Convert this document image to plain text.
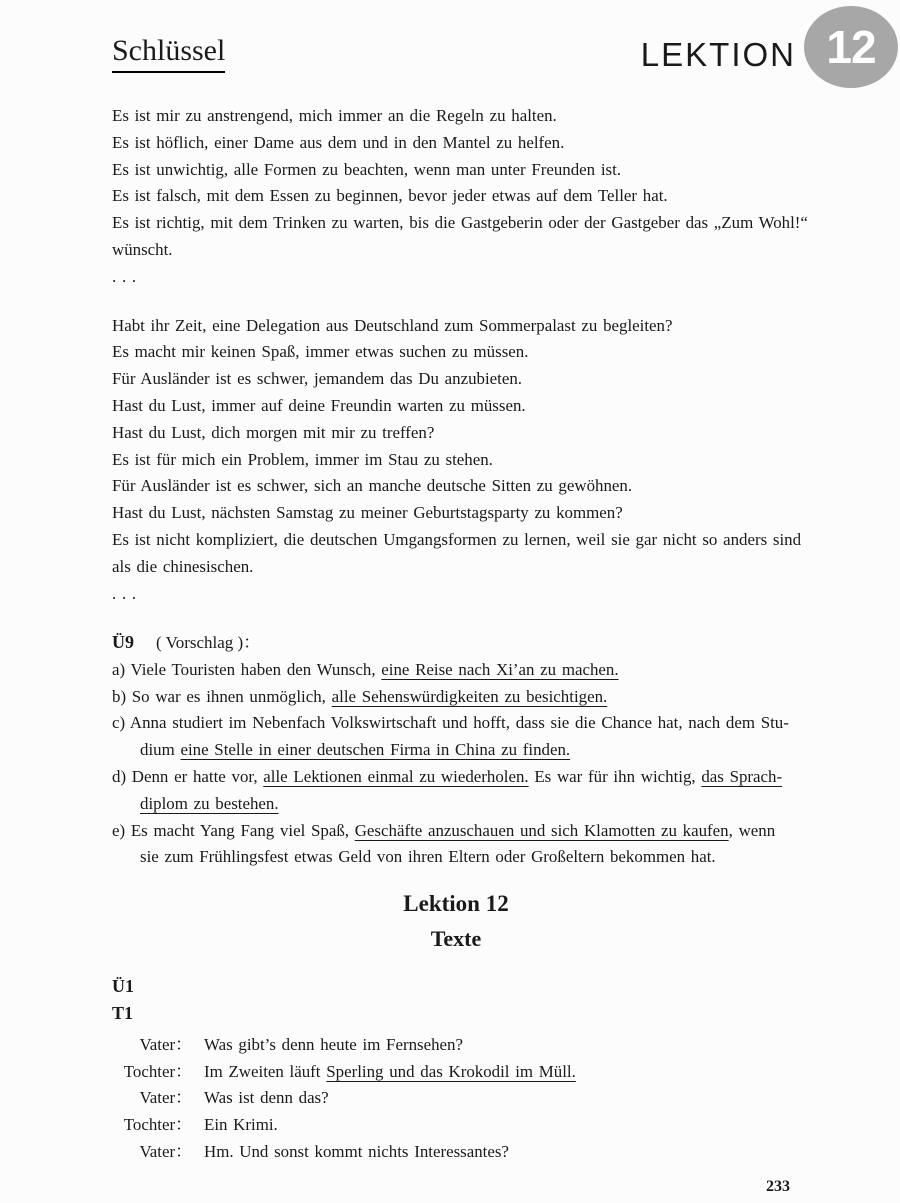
Schlüssel	LEKTION 12
Es ist mir zu anstrengend, mich immer an die Regeln zu halten.
Es ist höflich, einer Dame aus dem und in den Mantel zu helfen.
Es ist unwichtig, alle Formen zu beachten, wenn man unter Freunden ist.
Es ist falsch, mit dem Essen zu beginnen, bevor jeder etwas auf dem Teller hat.
Es ist richtig, mit dem Trinken zu warten, bis die Gastgeberin oder der Gastgeber das „Zum Wohl!“
wünscht.
. . .
Habt ihr Zeit, eine Delegation aus Deutschland zum Sommerpalast zu begleiten?
Es macht mir keinen Spaß, immer etwas suchen zu müssen.
Für Ausländer ist es schwer, jemandem das Du anzubieten.
Hast du Lust, immer auf deine Freundin warten zu müssen.
Hast du Lust, dich morgen mit mir zu treffen?
Es ist für mich ein Problem, immer im Stau zu stehen.
Für Ausländer ist es schwer, sich an manche deutsche Sitten zu gewöhnen.
Hast du Lust, nächsten Samstag zu meiner Geburtstagsparty zu kommen?
Es ist nicht kompliziert, die deutschen Umgangsformen zu lernen, weil sie gar nicht so anders sind
als die chinesischen.
. . .
Ü9 ( Vorschlag )：
a) Viele Touristen haben den Wunsch, eine Reise nach Xi’an zu machen.
b) So war es ihnen unmöglich, alle Sehenswürdigkeiten zu besichtigen.
c) Anna studiert im Nebenfach Volkswirtschaft und hofft, dass sie die Chance hat, nach dem Stu-
dium eine Stelle in einer deutschen Firma in China zu finden.
d) Denn er hatte vor, alle Lektionen einmal zu wiederholen. Es war für ihn wichtig, das Sprach-
diplom zu bestehen.
e) Es macht Yang Fang viel Spaß, Geschäfte anzuschauen und sich Klamotten zu kaufen, wenn
sie zum Frühlingsfest etwas Geld von ihren Eltern oder Großeltern bekommen hat.
Lektion 12
Texte
Ü1
T1
Vater： Was gibt’s denn heute im Fernsehen?
Tochter： Im Zweiten läuft Sperling und das Krokodil im Müll.
Vater： Was ist denn das?
Tochter： Ein Krimi.
Vater： Hm. Und sonst kommt nichts Interessantes?
233
